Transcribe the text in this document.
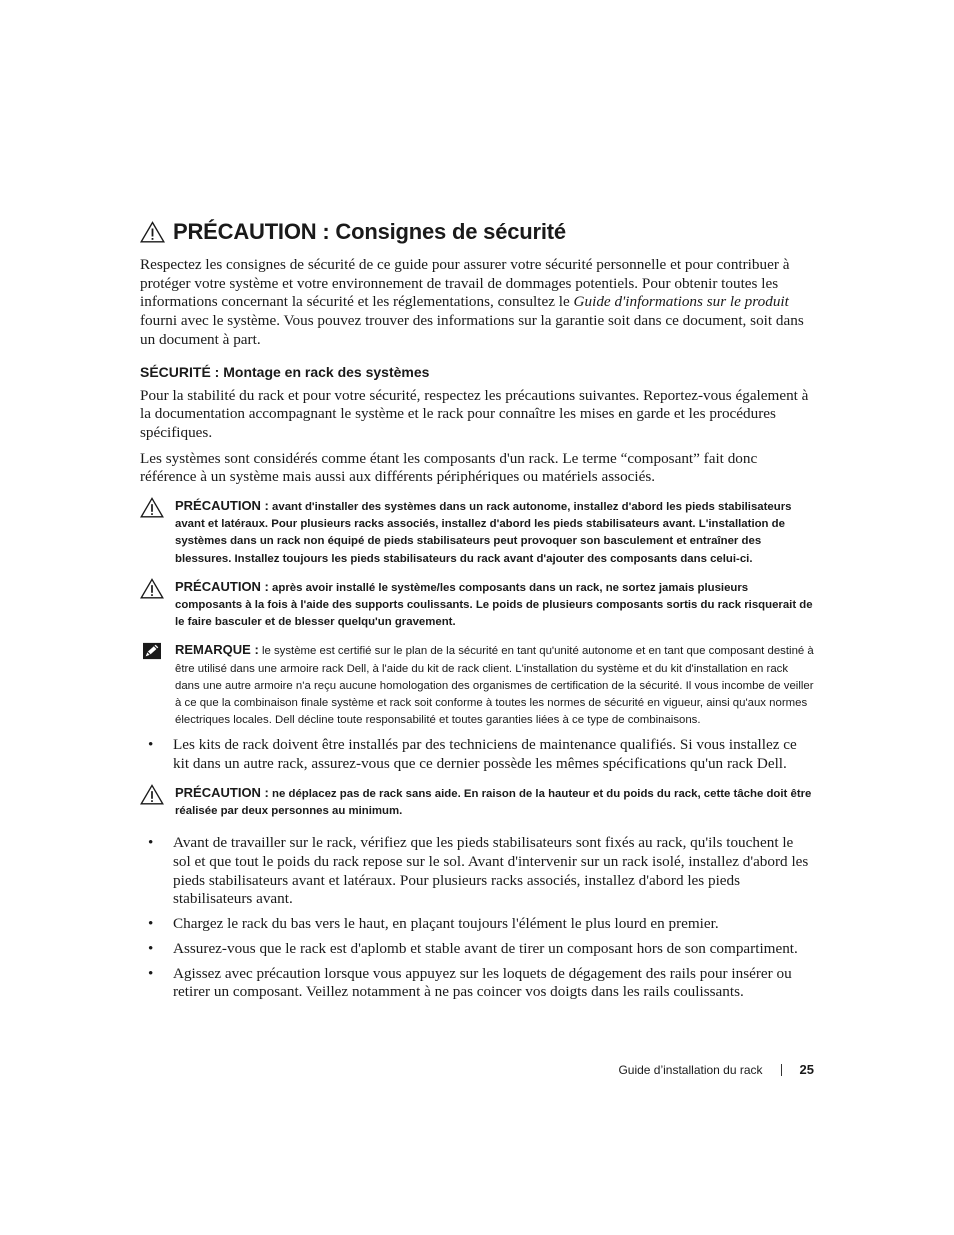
PRÉCAUTION : Consignes de sécurité

Respectez les consignes de sécurité de ce guide pour assurer votre sécurité personnelle et pour contribuer à protéger votre système et votre environnement de travail de dommages potentiels. Pour obtenir toutes les informations concernant la sécurité et les réglementations, consultez le Guide d'informations sur le produit fourni avec le système. Vous pouvez trouver des informations sur la garantie soit dans ce document, soit dans un document à part.

SÉCURITÉ : Montage en rack des systèmes

Pour la stabilité du rack et pour votre sécurité, respectez les précautions suivantes. Reportez-vous également à la documentation accompagnant le système et le rack pour connaître les mises en garde et les procédures spécifiques.

Les systèmes sont considérés comme étant les composants d'un rack. Le terme “composant” fait donc référence à un système mais aussi aux différents périphériques ou matériels associés.

PRÉCAUTION : avant d'installer des systèmes dans un rack autonome, installez d'abord les pieds stabilisateurs avant et latéraux. Pour plusieurs racks associés, installez d'abord les pieds stabilisateurs avant. L'installation de systèmes dans un rack non équipé de pieds stabilisateurs peut provoquer son basculement et entraîner des blessures. Installez toujours les pieds stabilisateurs du rack avant d'ajouter des composants dans celui-ci.
PRÉCAUTION : après avoir installé le système/les composants dans un rack, ne sortez jamais plusieurs composants à la fois à l'aide des supports coulissants. Le poids de plusieurs composants sortis du rack risquerait de le faire basculer et de blesser quelqu'un gravement.
REMARQUE : le système est certifié sur le plan de la sécurité en tant qu'unité autonome et en tant que composant destiné à être utilisé dans une armoire rack Dell, à l'aide du kit de rack client. L'installation du système et du kit d'installation en rack dans une autre armoire n'a reçu aucune homologation des organismes de certification de la sécurité. Il vous incombe de veiller à ce que la combinaison finale système et rack soit conforme à toutes les normes de sécurité en vigueur, ainsi qu'aux normes électriques locales. Dell décline toute responsabilité et toutes garanties liées à ce type de combinaisons.
• Les kits de rack doivent être installés par des techniciens de maintenance qualifiés. Si vous installez ce kit dans un autre rack, assurez-vous que ce dernier possède les mêmes spécifications qu'un rack Dell.
PRÉCAUTION : ne déplacez pas de rack sans aide. En raison de la hauteur et du poids du rack, cette tâche doit être réalisée par deux personnes au minimum.
• Avant de travailler sur le rack, vérifiez que les pieds stabilisateurs sont fixés au rack, qu'ils touchent le sol et que tout le poids du rack repose sur le sol. Avant d'intervenir sur un rack isolé, installez d'abord les pieds stabilisateurs avant et latéraux. Pour plusieurs racks associés, installez d'abord les pieds stabilisateurs avant.
• Chargez le rack du bas vers le haut, en plaçant toujours l'élément le plus lourd en premier.
• Assurez-vous que le rack est d'aplomb et stable avant de tirer un composant hors de son compartiment.
• Agissez avec précaution lorsque vous appuyez sur les loquets de dégagement des rails pour insérer ou retirer un composant. Veillez notamment à ne pas coincer vos doigts dans les rails coulissants.
Guide d’installation du rack	25
